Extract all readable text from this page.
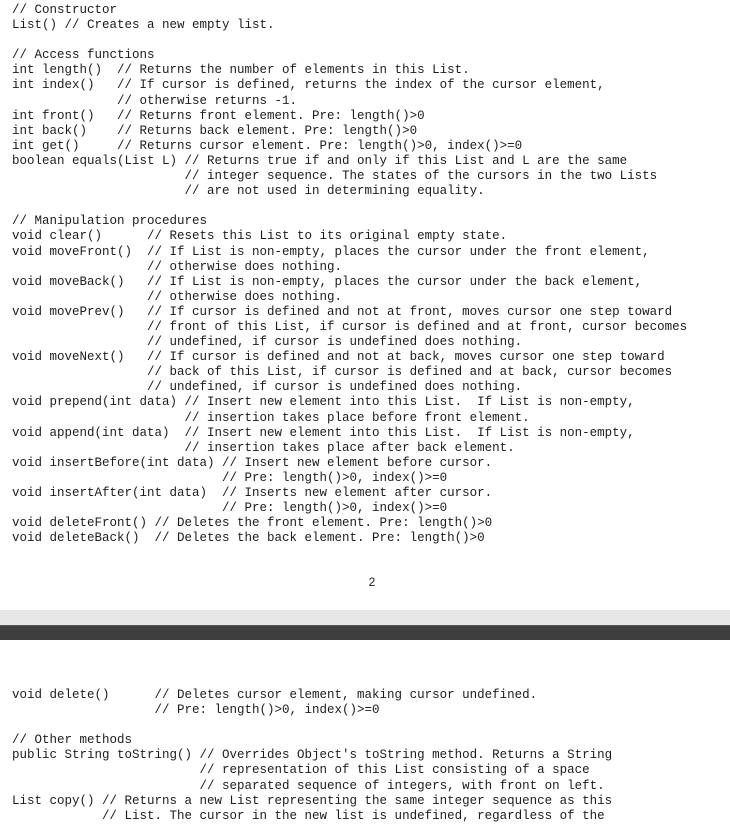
// Constructor
List() // Creates a new empty list.

// Access functions
int length()  // Returns the number of elements in this List.
int index()   // If cursor is defined, returns the index of the cursor element,
// otherwise returns -1.
int front()   // Returns front element. Pre: length()>0
int back()    // Returns back element. Pre: length()>0
int get()     // Returns cursor element. Pre: length()>0, index()>=0
boolean equals(List L) // Returns true if and only if this List and L are the same
// integer sequence. The states of the cursors in the two Lists
// are not used in determining equality.

// Manipulation procedures
void clear()      // Resets this List to its original empty state.
void moveFront()  // If List is non-empty, places the cursor under the front element,
// otherwise does nothing.
void moveBack()   // If List is non-empty, places the cursor under the back element,
// otherwise does nothing.
void movePrev()   // If cursor is defined and not at front, moves cursor one step toward
// front of this List, if cursor is defined and at front, cursor becomes
// undefined, if cursor is undefined does nothing.
void moveNext()   // If cursor is defined and not at back, moves cursor one step toward
// back of this List, if cursor is defined and at back, cursor becomes
// undefined, if cursor is undefined does nothing.
void prepend(int data) // Insert new element into this List.  If List is non-empty,
// insertion takes place before front element.
void append(int data)  // Insert new element into this List.  If List is non-empty,
// insertion takes place after back element.
void insertBefore(int data) // Insert new element before cursor.
// Pre: length()>0, index()>=0
void insertAfter(int data)  // Inserts new element after cursor.
// Pre: length()>0, index()>=0
void deleteFront() // Deletes the front element. Pre: length()>0
void deleteBack()  // Deletes the back element. Pre: length()>0
2
void delete()      // Deletes cursor element, making cursor undefined.
// Pre: length()>0, index()>=0

// Other methods
public String toString() // Overrides Object's toString method. Returns a String
// representation of this List consisting of a space
// separated sequence of integers, with front on left.
List copy() // Returns a new List representing the same integer sequence as this
// List. The cursor in the new list is undefined, regardless of the
